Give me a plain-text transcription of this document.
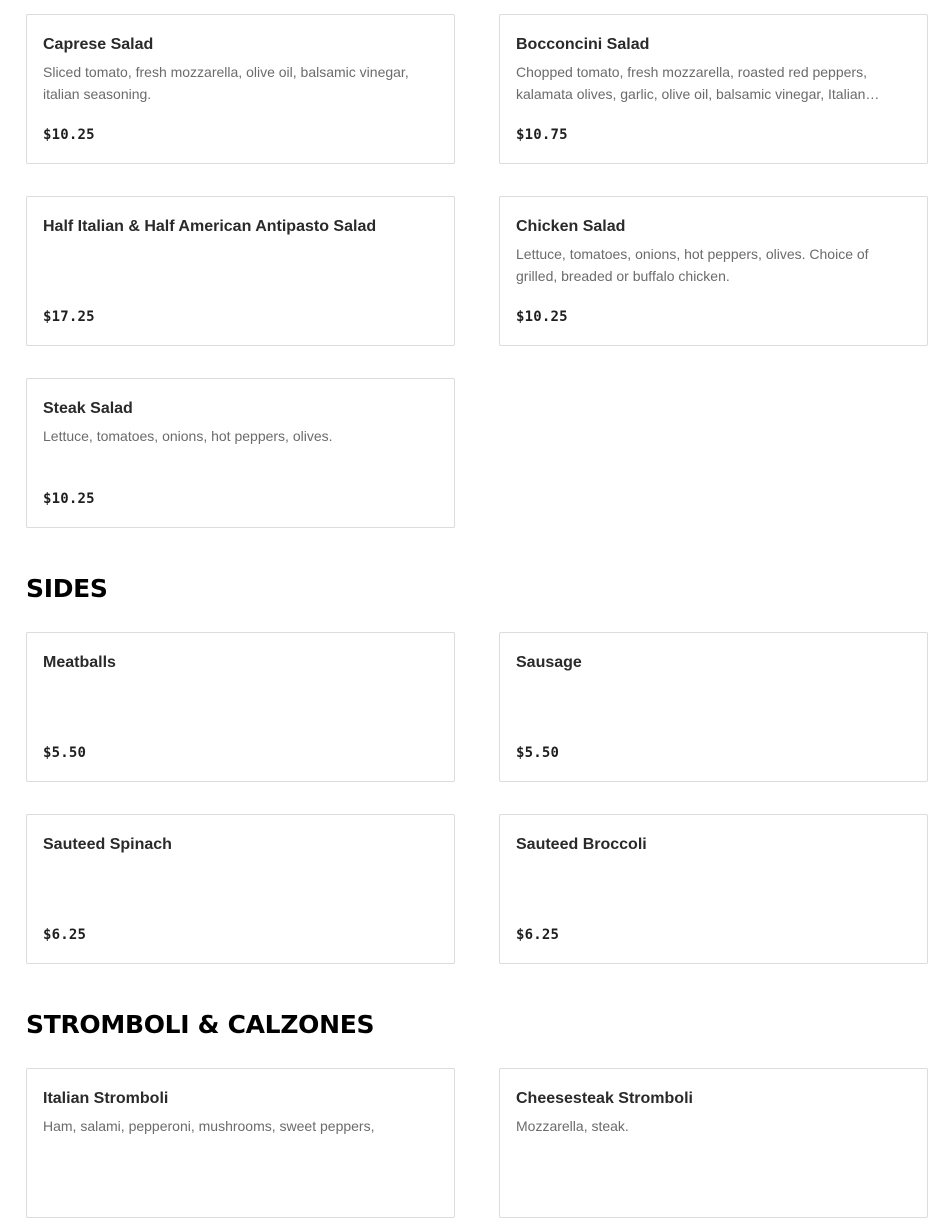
Caprese Salad
Sliced tomato, fresh mozzarella, olive oil, balsamic vinegar, italian seasoning.
$10.25
Bocconcini Salad
Chopped tomato, fresh mozzarella, roasted red peppers, kalamata olives, garlic, olive oil, balsamic vinegar, Italian…
$10.75
Half Italian & Half American Antipasto Salad
$17.25
Chicken Salad
Lettuce, tomatoes, onions, hot peppers, olives. Choice of grilled, breaded or buffalo chicken.
$10.25
Steak Salad
Lettuce, tomatoes, onions, hot peppers, olives.
$10.25
SIDES
Meatballs
$5.50
Sausage
$5.50
Sauteed Spinach
$6.25
Sauteed Broccoli
$6.25
STROMBOLI & CALZONES
Italian Stromboli
Ham, salami, pepperoni, mushrooms, sweet peppers,
Cheesesteak Stromboli
Mozzarella, steak.
